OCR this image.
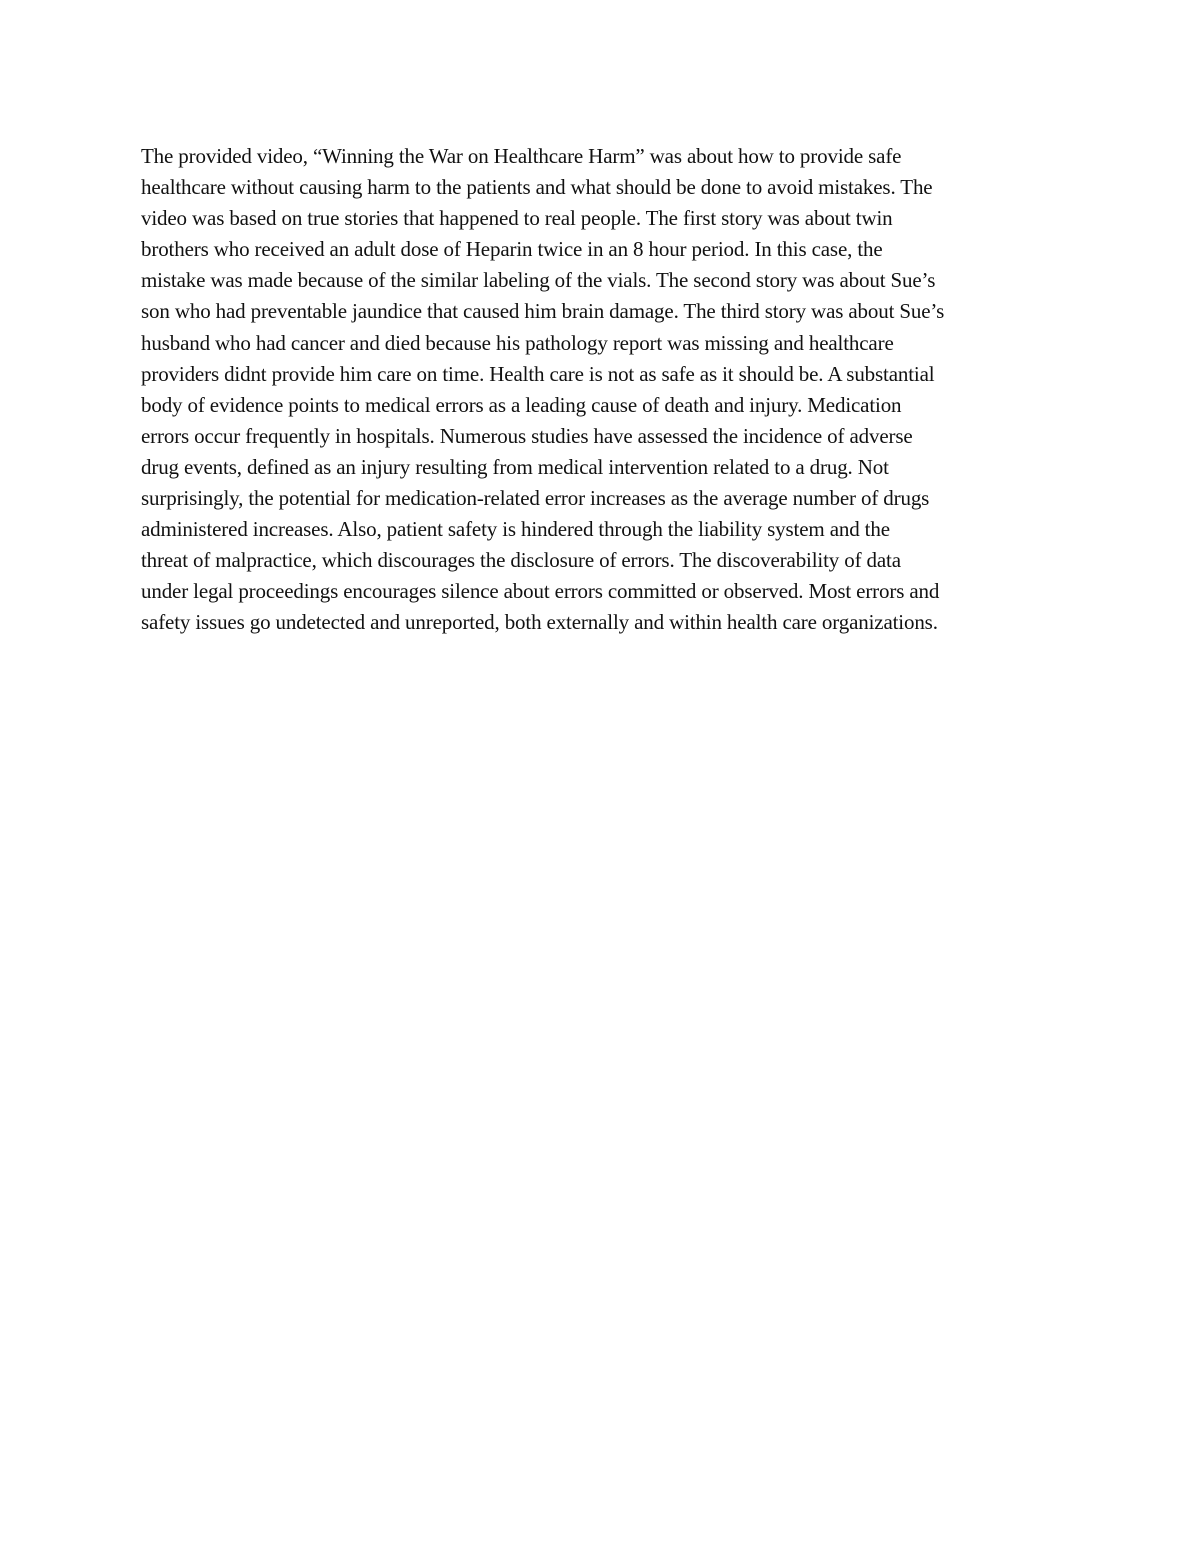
The provided video, “Winning the War on Healthcare Harm” was about how to provide safe
healthcare without causing harm to the patients and what should be done to avoid mistakes. The
video was based on true stories that happened to real people. The first story was about twin
brothers who received an adult dose of Heparin twice in an 8 hour period. In this case, the
mistake was made because of the similar labeling of the vials. The second story was about Sue’s
son who had preventable jaundice that caused him brain damage. The third story was about Sue’s
husband who had cancer and died because his pathology report was missing and healthcare
providers didnt provide him care on time. Health care is not as safe as it should be. A substantial
body of evidence points to medical errors as a leading cause of death and injury. Medication
errors occur frequently in hospitals. Numerous studies have assessed the incidence of adverse
drug events, defined as an injury resulting from medical intervention related to a drug. Not
surprisingly, the potential for medication-related error increases as the average number of drugs
administered increases. Also, patient safety is hindered through the liability system and the
threat of malpractice, which discourages the disclosure of errors. The discoverability of data
under legal proceedings encourages silence about errors committed or observed. Most errors and
safety issues go undetected and unreported, both externally and within health care organizations.
